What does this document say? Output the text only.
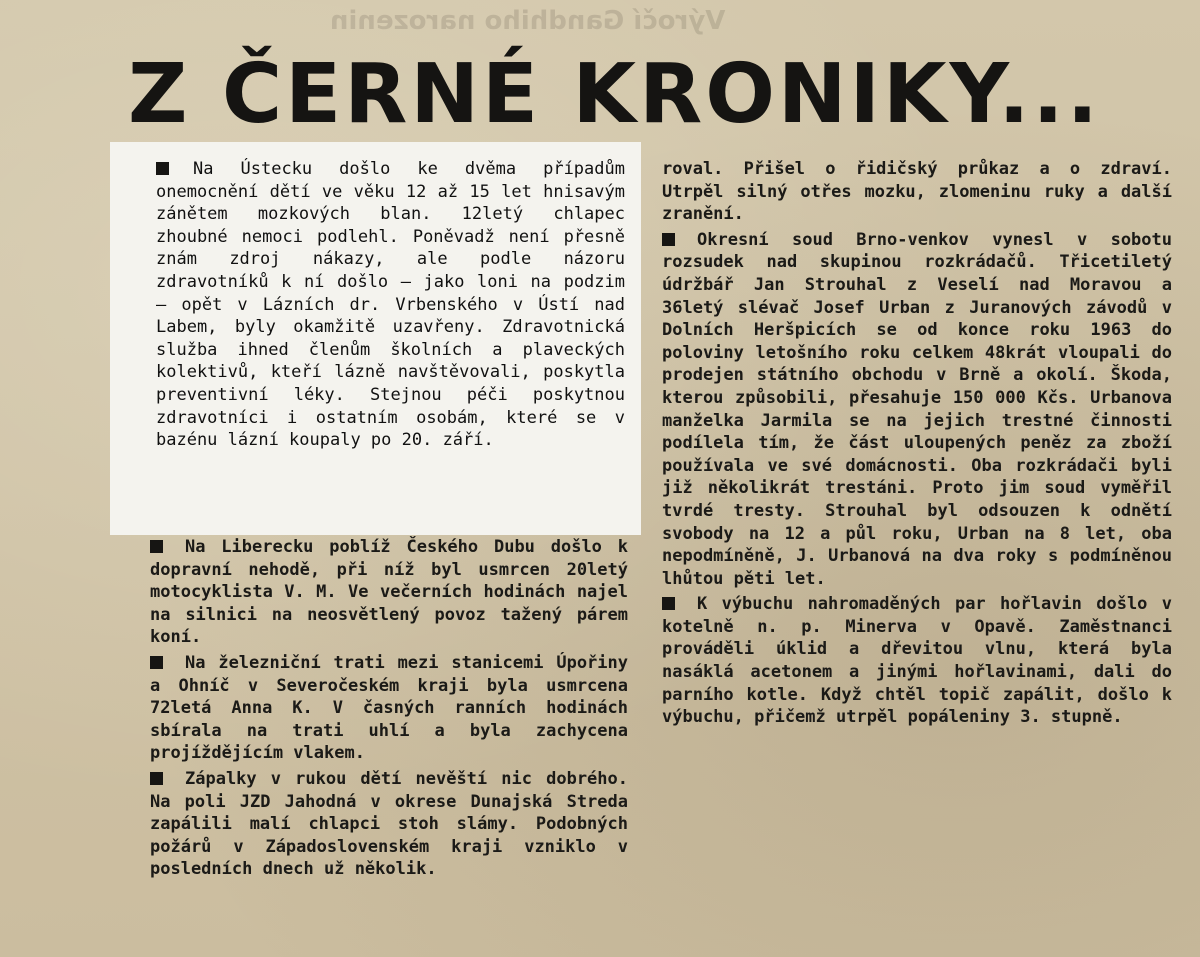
Výročí Gandhiho narozenin
Z ČERNÉ KRONIKY...

Na Ústecku došlo ke dvěma případům onemocnění dětí ve věku 12 až 15 let hnisavým zánětem mozkových blan. 12letý chlapec zhoubné nemoci podlehl. Poněvadž není přesně znám zdroj nákazy, ale podle názoru zdravotníků k ní došlo — jako loni na podzim — opět v Lázních dr. Vrbenského v Ústí nad Labem, byly okamžitě uzavřeny. Zdravotnická služba ihned členům školních a plaveckých kolektivů, kteří lázně navštěvovali, poskytla preventivní léky. Stejnou péči poskytnou zdravotníci i ostatním osobám, které se v bazénu lázní koupaly po 20. září.

Na Liberecku poblíž Českého Dubu došlo k dopravní nehodě, při níž byl usmrcen 20letý motocyklista V. M. Ve večerních hodinách najel na silnici na neosvětlený povoz tažený párem koní.

Na železniční trati mezi stanicemi Úpořiny a Ohníč v Severočeském kraji byla usmrcena 72letá Anna K. V časných ranních hodinách sbírala na trati uhlí a byla zachycena projíždějícím vlakem.

Zápalky v rukou dětí nevěští nic dobrého. Na poli JZD Jahodná v okrese Dunajská Streda zapálili malí chlapci stoh slámy. Podobných požárů v Západoslovenském kraji vzniklo v posledních dnech už několik.

roval. Přišel o řidičský průkaz a o zdraví. Utrpěl silný otřes mozku, zlomeninu ruky a další zranění.

Okresní soud Brno-venkov vynesl v sobotu rozsudek nad skupinou rozkrádačů. Třicetiletý údržbář Jan Strouhal z Veselí nad Moravou a 36letý slévač Josef Urban z Juranových závodů v Dolních Heršpicích se od konce roku 1963 do poloviny letošního roku celkem 48krát vloupali do prodejen státního obchodu v Brně a okolí. Škoda, kterou způsobili, přesahuje 150 000 Kčs. Urbanova manželka Jarmila se na jejich trestné činnosti podílela tím, že část uloupených peněz za zboží používala ve své domácnosti. Oba rozkrádači byli již několikrát trestáni. Proto jim soud vyměřil tvrdé tresty. Strouhal byl odsouzen k odnětí svobody na 12 a půl roku, Urban na 8 let, oba nepodmíněně, J. Urbanová na dva roky s podmíněnou lhůtou pěti let.

K výbuchu nahromaděných par hořlavin došlo v kotelně n. p. Minerva v Opavě. Zaměstnanci prováděli úklid a dřevitou vlnu, která byla nasáklá acetonem a jinými hořlavinami, dali do parního kotle. Když chtěl topič zapálit, došlo k výbuchu, přičemž utrpěl popáleniny 3. stupně.
